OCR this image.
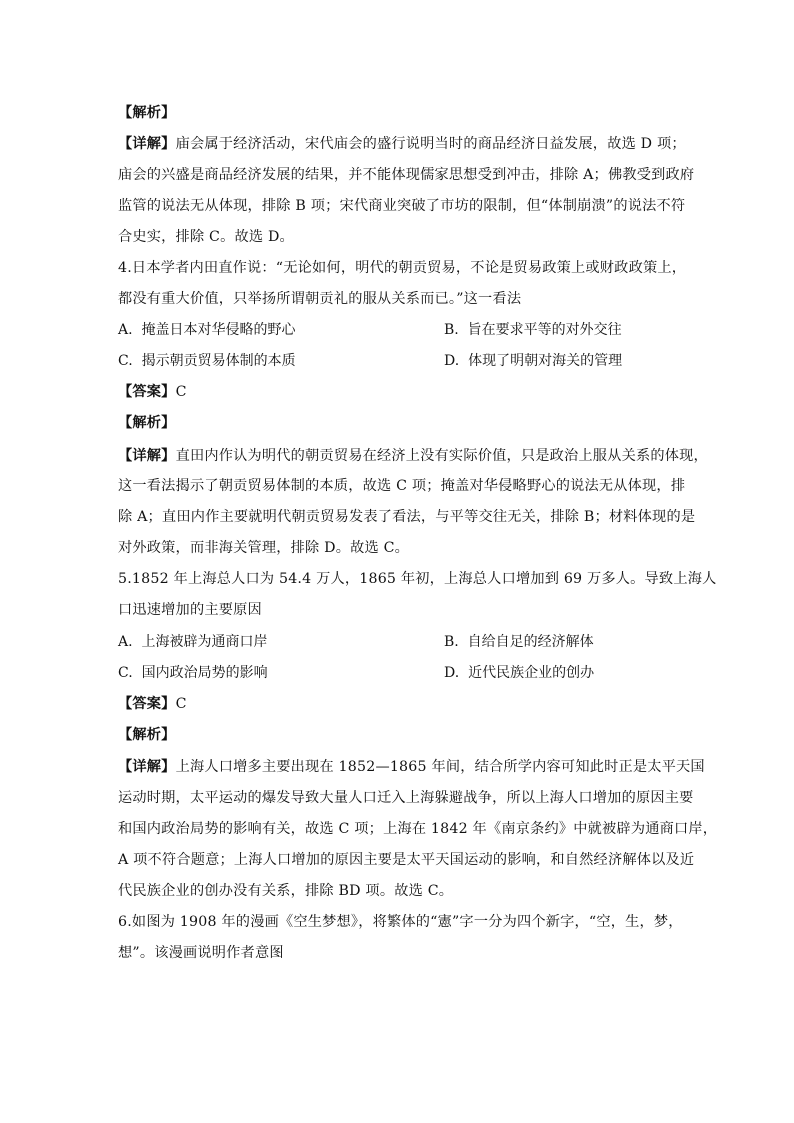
【解析】
【详解】庙会属于经济活动，宋代庙会的盛行说明当时的商品经济日益发展，故选 D 项；
庙会的兴盛是商品经济发展的结果，并不能体现儒家思想受到冲击，排除 A；佛教受到政府
监管的说法无从体现，排除 B 项；宋代商业突破了市坊的限制，但“体制崩溃”的说法不符
合史实，排除 C。故选 D。
4.日本学者内田直作说：“无论如何，明代的朝贡贸易，不论是贸易政策上或财政政策上，
都没有重大价值，只举扬所谓朝贡礼的服从关系而已。”这一看法
A. 掩盖日本对华侵略的野心	B. 旨在要求平等的对外交往
C. 揭示朝贡贸易体制的本质	D. 体现了明朝对海关的管理
【答案】C
【解析】
【详解】直田内作认为明代的朝贡贸易在经济上没有实际价值，只是政治上服从关系的体现，
这一看法揭示了朝贡贸易体制的本质，故选 C 项；掩盖对华侵略野心的说法无从体现，排
除 A；直田内作主要就明代朝贡贸易发表了看法，与平等交往无关，排除 B；材料体现的是
对外政策，而非海关管理，排除 D。故选 C。
5.1852 年上海总人口为 54.4 万人，1865 年初，上海总人口增加到 69 万多人。导致上海人
口迅速增加的主要原因
A. 上海被辟为通商口岸	B. 自给自足的经济解体
C. 国内政治局势的影响	D. 近代民族企业的创办
【答案】C
【解析】
【详解】上海人口增多主要出现在 1852—1865 年间，结合所学内容可知此时正是太平天国
运动时期，太平运动的爆发导致大量人口迁入上海躲避战争，所以上海人口增加的原因主要
和国内政治局势的影响有关，故选 C 项；上海在 1842 年《南京条约》中就被辟为通商口岸，
A 项不符合题意；上海人口增加的原因主要是太平天国运动的影响，和自然经济解体以及近
代民族企业的创办没有关系，排除 BD 项。故选 C。
6.如图为 1908 年的漫画《空生梦想》，将繁体的“憲”字一分为四个新字，“空，生，梦，
想”。该漫画说明作者意图
